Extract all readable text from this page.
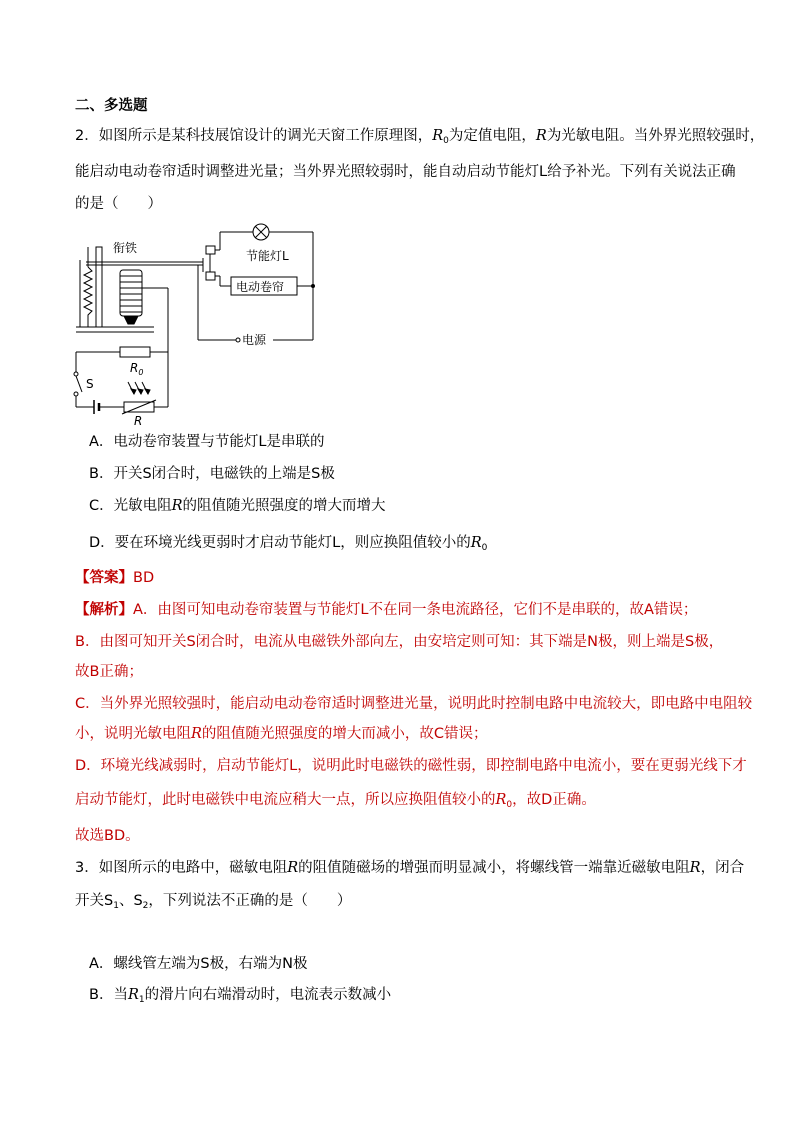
二、多选题
2．如图所示是某科技展馆设计的调光天窗工作原理图，$R_0$为定值电阻，R为光敏电阻。当外界光照较强时，
能启动电动卷帘适时调整进光量；当外界光照较弱时，能自动启动节能灯L给予补光。下列有关说法正确
的是（　　）
节能灯L
衔铁
电动卷帘
电源
S
$R_0$
R
A．电动卷帘装置与节能灯L是串联的
B．开关S闭合时，电磁铁的上端是S极
C．光敏电阻R的阻值随光照强度的增大而增大
D．要在环境光线更弱时才启动节能灯L，则应换阻值较小的$R_0$
【答案】BD
【解析】A．由图可知电动卷帘装置与节能灯L不在同一条电流路径，它们不是串联的，故A错误；
B．由图可知开关S闭合时，电流从电磁铁外部向左，由安培定则可知：其下端是N极，则上端是S极，
故B正确；
C．当外界光照较强时，能启动电动卷帘适时调整进光量，说明此时控制电路中电流较大，即电路中电阻较
小，说明光敏电阻R的阻值随光照强度的增大而减小，故C错误；
D．环境光线减弱时，启动节能灯L，说明此时电磁铁的磁性弱，即控制电路中电流小，要在更弱光线下才
启动节能灯，此时电磁铁中电流应稍大一点，所以应换阻值较小的$R_0$，故D正确。
故选BD。
3．如图所示的电路中，磁敏电阻R的阻值随磁场的增强而明显减小，将螺线管一端靠近磁敏电阻R，闭合
开关$S_1$、$S_2$，下列说法不正确的是（　　）
A．螺线管左端为S极，右端为N极
B．当$R_1$的滑片向右端滑动时，电流表示数减小
